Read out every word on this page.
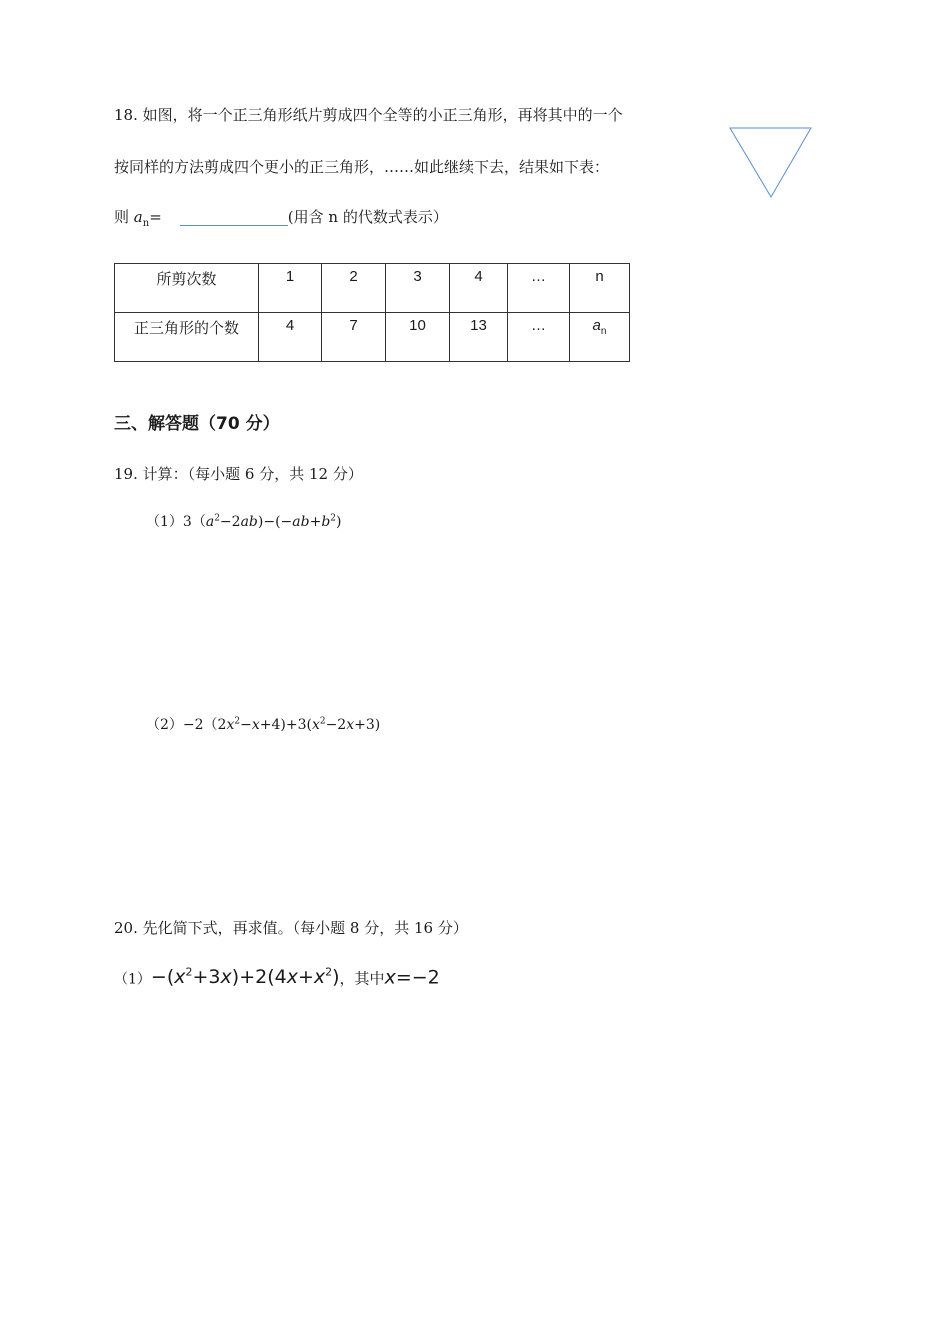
18. 如图，将一个正三角形纸片剪成四个全等的小正三角形，再将其中的一个
按同样的方法剪成四个更小的正三角形，……如此继续下去，结果如下表：
则 $a_n=$	(用含 n 的代数式表示）
所剪次数	1	2	3	4	…	n
正三角形的个数	4	7	10	13	…	$a_n$
三、解答题（70 分）
19. 计算：（每小题 6 分，共 12 分）
$(1)3(a^2-2ab)-(-ab+b^2)$
$(2)-2(2x^2-x+4)+3(x^2-2x+3)$
20. 先化简下式，再求值。（每小题 8 分，共 16 分）
$(1)-(x^2+3x)+2(4x+x^2)$，其中x=−2
